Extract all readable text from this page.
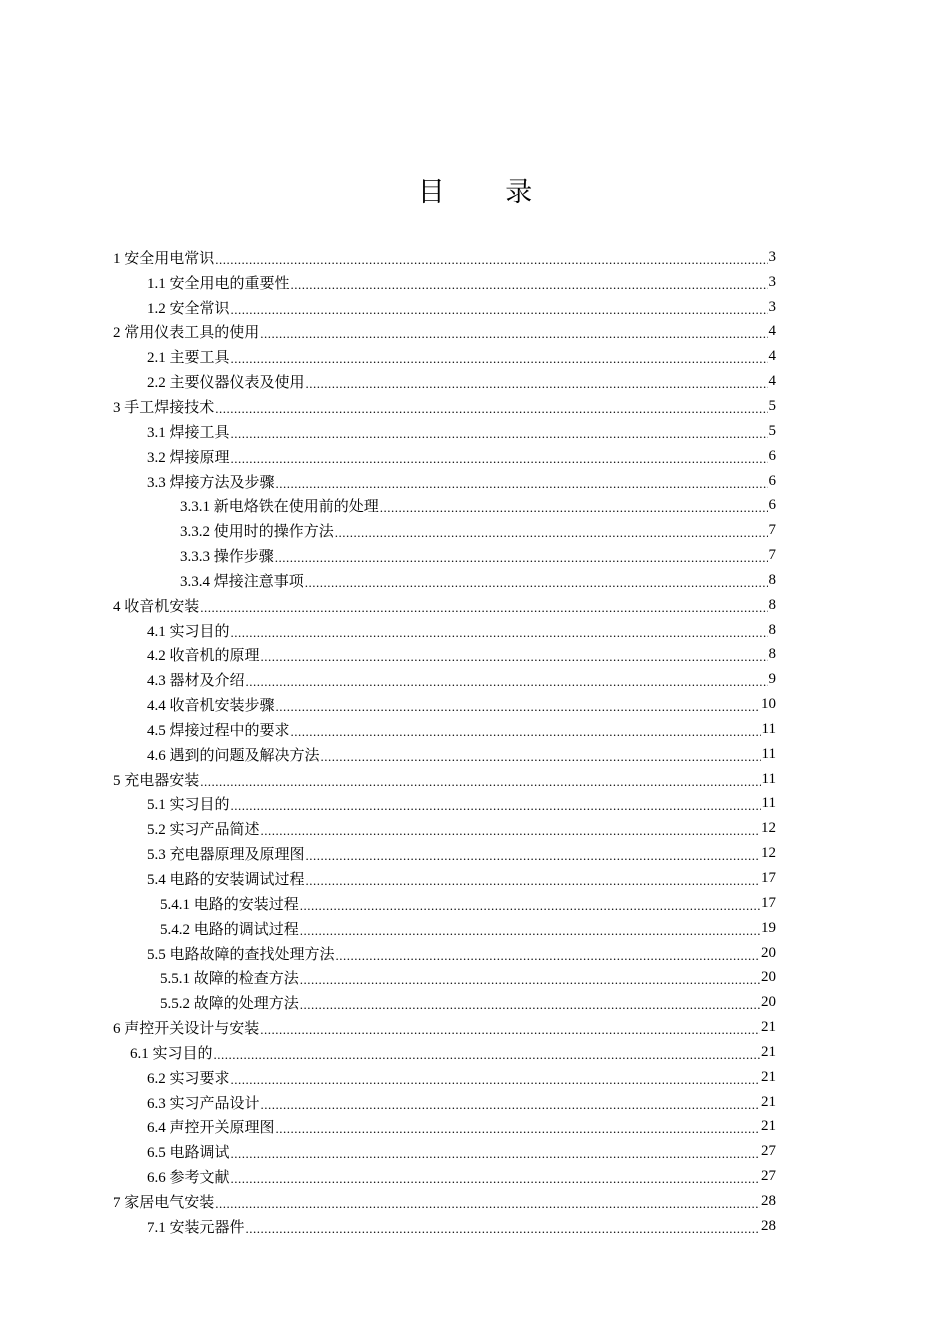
目 录
1 安全用电常识 .....	3
1.1 安全用电的重要性 .....	3
1.2 安全常识 .....	3
2 常用仪表工具的使用 .....	4
2.1 主要工具 .....	4
2.2 主要仪器仪表及使用 .....	4
3 手工焊接技术 .....	5
3.1 焊接工具 .....	5
3.2 焊接原理 .....	6
3.3 焊接方法及步骤 .....	6
3.3.1 新电烙铁在使用前的处理 .....	6
3.3.2 使用时的操作方法 .....	7
3.3.3 操作步骤 .....	7
3.3.4 焊接注意事项 .....	8
4 收音机安装 .....	8
4.1 实习目的 .....	8
4.2 收音机的原理 .....	8
4.3 器材及介绍 .....	9
4.4 收音机安装步骤 .....	10
4.5 焊接过程中的要求 .....	11
4.6 遇到的问题及解决方法 .....	11
5 充电器安装 .....	11
5.1 实习目的 .....	11
5.2 实习产品简述 .....	12
5.3 充电器原理及原理图 .....	12
5.4 电路的安装调试过程 .....	17
5.4.1 电路的安装过程 .....	17
5.4.2 电路的调试过程 .....	19
5.5 电路故障的查找处理方法 .....	20
5.5.1 故障的检查方法 .....	20
5.5.2 故障的处理方法 .....	20
6 声控开关设计与安装 .....	21
6.1 实习目的 .....	21
6.2 实习要求 .....	21
6.3 实习产品设计 .....	21
6.4 声控开关原理图 .....	21
6.5 电路调试 .....	27
6.6 参考文献 .....	27
7 家居电气安装 .....	28
7.1 安装元器件 .....	28
